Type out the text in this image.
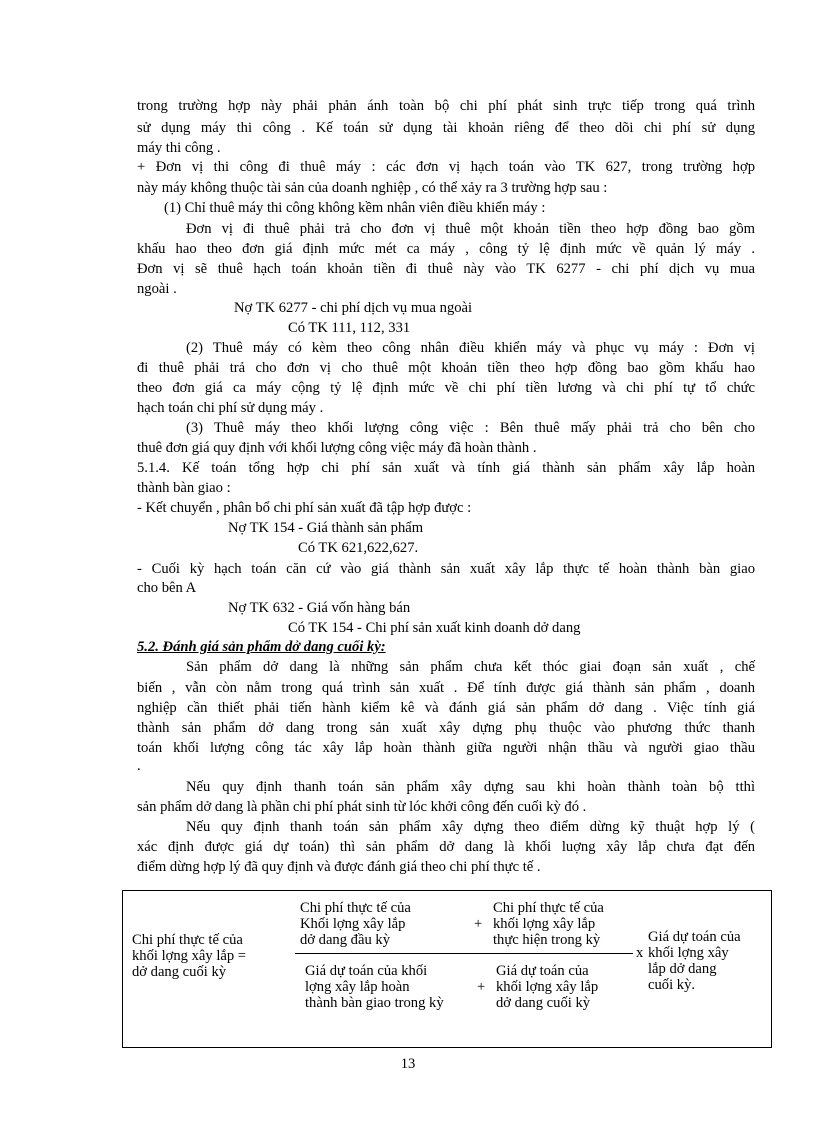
trong trường hợp này phải phản ánh toàn bộ chi phí phát sinh trực tiếp trong quá trình
sử dụng máy thi công . Kế toán sử dụng tài khoản riêng để theo dõi chi phí sử dụng
máy thi công .
+ Đơn vị thi công đi thuê máy : các đơn vị hạch toán vào TK 627, trong trường hợp
này máy không thuộc tài sản của doanh nghiệp , có thể xảy ra 3 trường hợp sau :
(1) Chỉ thuê máy thi công không kềm nhân viên điều khiển máy :
Đơn vị đi thuê phải trả cho đơn vị thuê một khoản tiền theo hợp đồng bao gồm
khấu hao theo đơn giá định mức mét ca máy , công tỷ lệ định mức về quản lý máy .
Đơn vị sẽ thuê hạch toán khoản tiền đi thuê này vào TK 6277 - chi phí dịch vụ mua
ngoài .
Nợ TK 6277 - chi phí dịch vụ mua ngoài
Có TK 111, 112, 331
(2) Thuê máy có kèm theo công nhân điều khiển máy và phục vụ máy : Đơn vị
đi thuê phải trả cho đơn vị cho thuê một khoản tiền theo hợp đồng bao gồm khấu hao
theo đơn giá ca máy cộng tỷ lệ định mức về chi phí tiền lương và chi phí tự tổ chức
hạch toán chi phí sử dụng máy .
(3) Thuê máy theo khối lượng công việc : Bên thuê mấy phải trả cho bên cho
thuê đơn giá quy định với khối lượng công việc máy đã hoàn thành .
5.1.4. Kế toán tổng hợp chi phí sản xuất và tính giá thành sản phẩm xây lắp hoàn
thành bàn giao :
- Kết chuyển , phân bổ chi phí sản xuất đã tập hợp được :
Nợ TK 154 - Giá thành sản phẩm
Có TK 621,622,627.
- Cuối kỳ hạch toán căn cứ vào giá thành sản xuất xây lắp thực tế hoàn thành bàn giao
cho bên A
Nợ TK 632 - Giá vốn hàng bán
Có TK 154 - Chi phí sản xuất kinh doanh dở dang
5.2. Đánh giá sản phẩm dở dang cuối kỳ:
Sản phẩm dở dang là những sản phẩm chưa kết thóc giai đoạn sản xuất , chế
biến , vẫn còn nằm trong quá trình sản xuất . Để tính được giá thành sản phẩm , doanh
nghiệp cần thiết phải tiến hành kiểm kê và đánh giá sản phẩm dở dang . Việc tính giá
thành sản phẩm dở dang trong sản xuất xây dựng phụ thuộc vào phương thức thanh
toán khối lượng công tác xây lắp hoàn thành giữa người nhận thầu và người giao thầu
.
Nếu quy định thanh toán sản phẩm xây dựng sau khi hoàn thành toàn bộ tthì
sản phẩm dở dang là phần chi phí phát sinh từ lóc khởi công đến cuối kỳ đó .
Nếu quy định thanh toán sản phẩm xây dựng theo điểm dừng kỹ thuật hợp lý (
xác định được giá dự toán) thì sản phẩm dở dang là khối luợng xây lắp chưa đạt đến
điểm dừng hợp lý đã quy định và được đánh giá theo chi phí thực tế .
Chi phí thực tế của
khối lợng xây lắp =
dở dang cuối kỳ
Chi phí thực tế của
Khối lợng xây lắp
dở dang đầu kỳ
+
Chi phí thực tế của
khối lợng xây lắp
thực hiện trong kỳ
Giá dự toán của khối
lợng xây lắp hoàn
thành bàn giao trong kỳ
+
Giá dự toán của
khối lợng xây lắp
dở dang cuối kỳ
x
Giá dự toán của
khối lợng xây
lắp dở dang
cuối kỳ.
13
